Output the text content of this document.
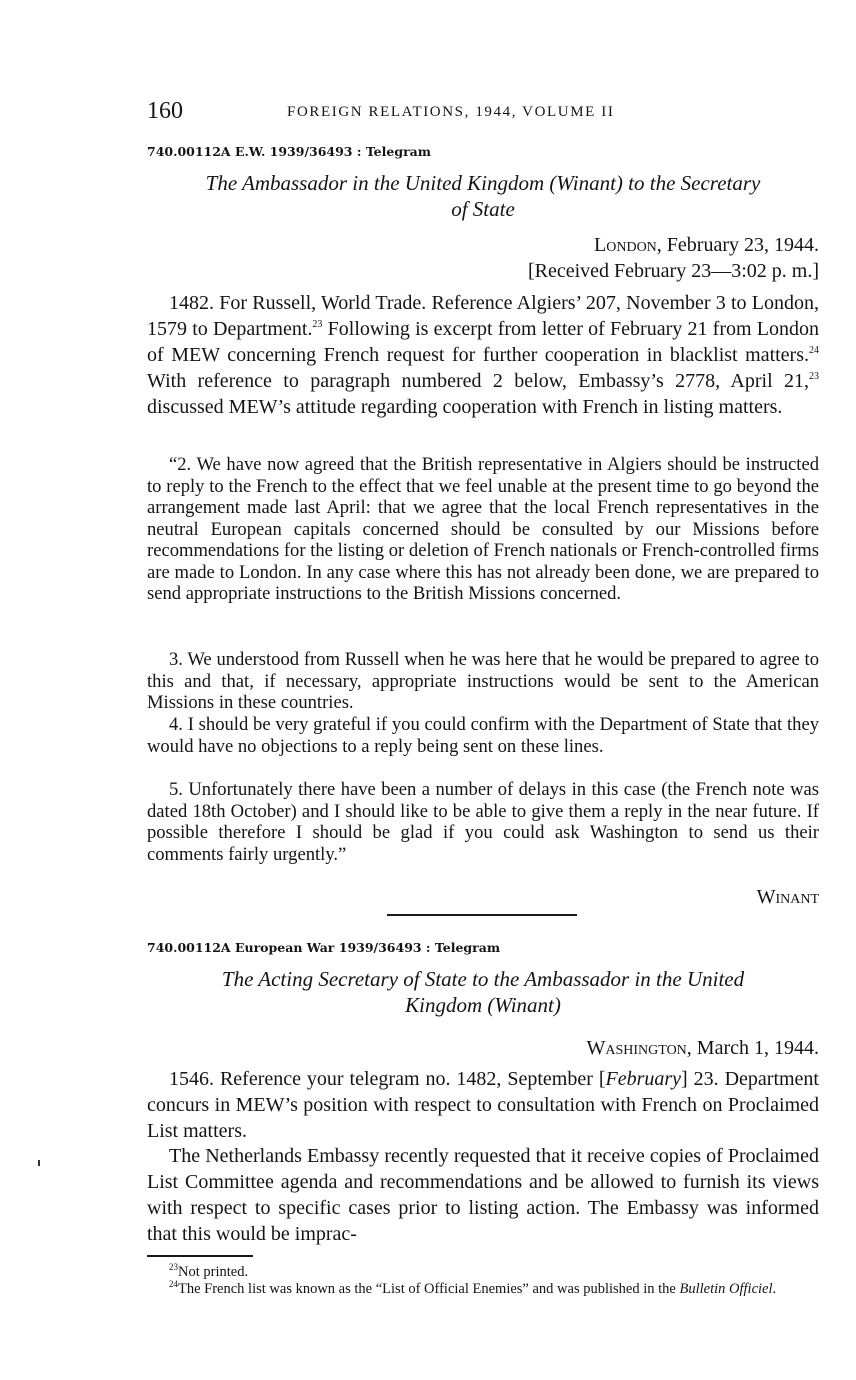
160	FOREIGN RELATIONS, 1944, VOLUME II
740.00112A E.W. 1939/36493 : Telegram
The Ambassador in the United Kingdom (Winant) to the Secretary
of State
London, February 23, 1944.
[Received February 23—3:02 p. m.]
1482. For Russell, World Trade. Reference Algiers’ 207, November 3 to London, 1579 to Department.$^{23}$ Following is excerpt from letter of February 21 from London of MEW concerning French request for further cooperation in blacklist matters.$^{24}$ With reference to paragraph numbered 2 below, Embassy’s 2778, April 21,23 discussed MEW’s attitude regarding cooperation with French in listing matters.
“2. We have now agreed that the British representative in Algiers should be instructed to reply to the French to the effect that we feel unable at the present time to go beyond the arrangement made last April: that we agree that the local French representatives in the neutral European capitals concerned should be consulted by our Missions before recommendations for the listing or deletion of French nationals or French-controlled firms are made to London. In any case where this has not already been done, we are prepared to send appropriate instructions to the British Missions concerned.
3. We understood from Russell when he was here that he would be prepared to agree to this and that, if necessary, appropriate instructions would be sent to the American Missions in these countries.
4. I should be very grateful if you could confirm with the Department of State that they would have no objections to a reply being sent on these lines.
5. Unfortunately there have been a number of delays in this case (the French note was dated 18th October) and I should like to be able to give them a reply in the near future. If possible therefore I should be glad if you could ask Washington to send us their comments fairly urgently.”
Winant
740.00112A European War 1939/36493 : Telegram
The Acting Secretary of State to the Ambassador in the United
Kingdom (Winant)
Washington, March 1, 1944.
1546. Reference your telegram no. 1482, September [February] 23. Department concurs in MEW’s position with respect to consultation with French on Proclaimed List matters.
The Netherlands Embassy recently requested that it receive copies of Proclaimed List Committee agenda and recommendations and be allowed to furnish its views with respect to specific cases prior to listing action. The Embassy was informed that this would be imprac-
$^{23}$Not printed.
$^{24}$The French list was known as the “List of Official Enemies” and was published in the Bulletin Officiel.
